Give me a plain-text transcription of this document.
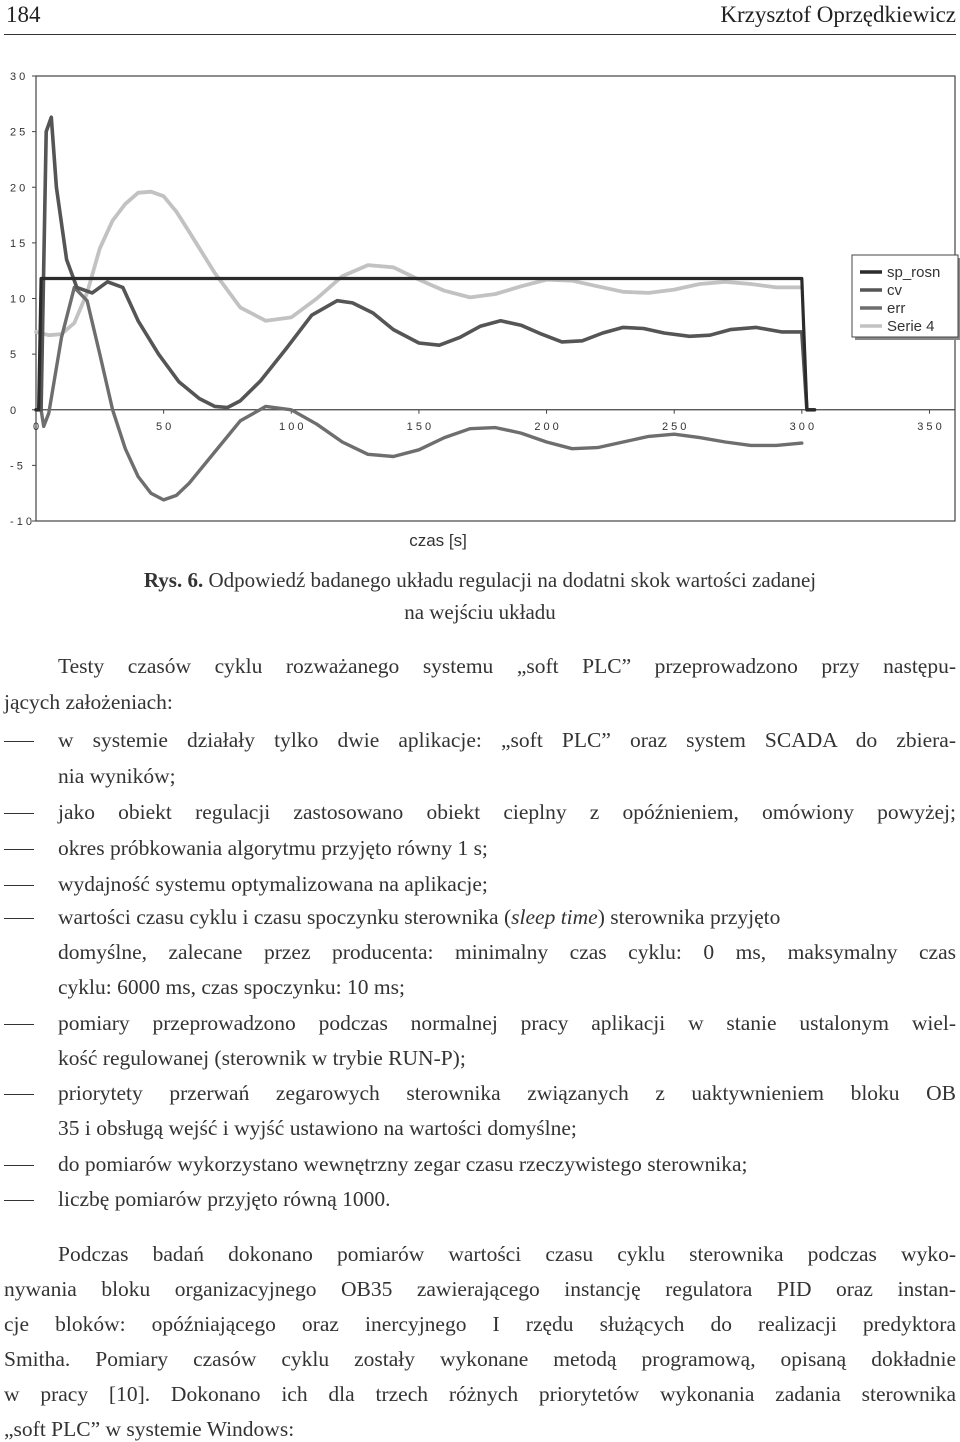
184	Krzysztof Oprzędkiewicz
3 0
2 5
2 0
1 5
1 0
5
0
- 5
- 1 0
0	5 0	1 0 0	1 5 0	2 0 0	2 5 0	3 0 0	3 5 0
czas [s]
sp_rosn
cv
err
Serie 4
Rys. 6. Odpowiedź badanego układu regulacji na dodatni skok wartości zadanej
na wejściu układu
Testy czasów cyklu rozważanego systemu „soft PLC” przeprowadzono przy następu-
jących założeniach:
w systemie działały tylko dwie aplikacje: „soft PLC” oraz system SCADA do zbiera-
nia wyników;
jako obiekt regulacji zastosowano obiekt cieplny z opóźnieniem, omówiony powyżej;
okres próbkowania algorytmu przyjęto równy 1 s;
wydajność systemu optymalizowana na aplikacje;
wartości czasu cyklu i czasu spoczynku sterownika (sleep time) sterownika przyjęto
domyślne, zalecane przez producenta: minimalny czas cyklu: 0 ms, maksymalny czas
cyklu: 6000 ms, czas spoczynku: 10 ms;
pomiary przeprowadzono podczas normalnej pracy aplikacji w stanie ustalonym wiel-
kość regulowanej (sterownik w trybie RUN-P);
priorytety przerwań zegarowych sterownika związanych z uaktywnieniem bloku OB
35 i obsługą wejść i wyjść ustawiono na wartości domyślne;
do pomiarów wykorzystano wewnętrzny zegar czasu rzeczywistego sterownika;
liczbę pomiarów przyjęto równą 1000.
Podczas badań dokonano pomiarów wartości czasu cyklu sterownika podczas wyko-
nywania bloku organizacyjnego OB35 zawierającego instancję regulatora PID oraz instan-
cje bloków: opóźniającego oraz inercyjnego I rzędu służących do realizacji predyktora
Smitha. Pomiary czasów cyklu zostały wykonane metodą programową, opisaną dokładnie
w pracy [10]. Dokonano ich dla trzech różnych priorytetów wykonania zadania sterownika
„soft PLC” w systemie Windows:
